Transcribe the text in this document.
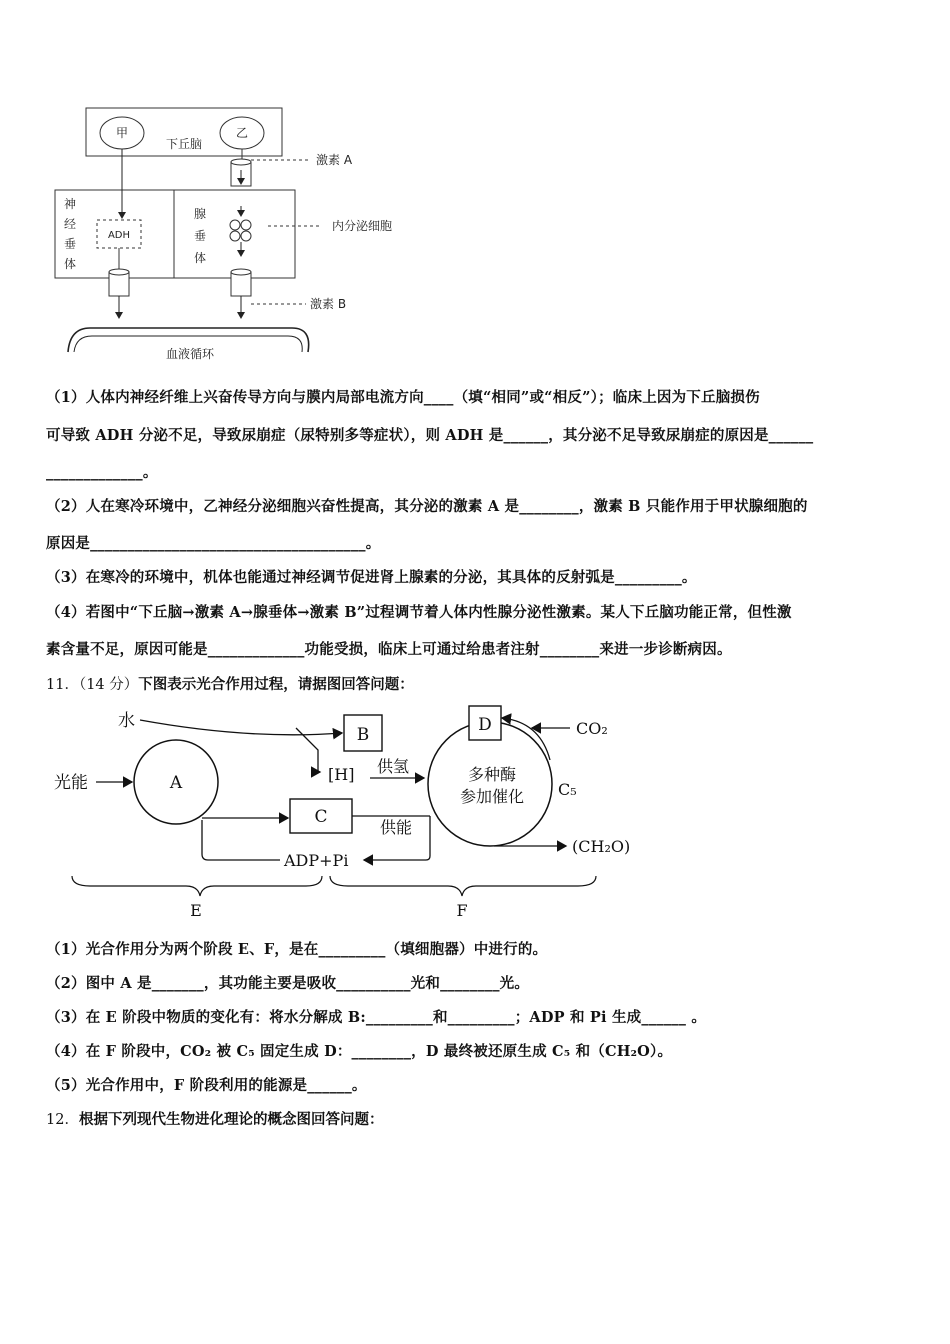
甲	乙
下丘脑
激素 A
神
经
垂
体
ADH
腺
垂
体
内分泌细胞
激素 B
血液循环
（1）人体内神经纤维上兴奋传导方向与膜内局部电流方向____（填“相同”或“相反”）；临床上因为下丘脑损伤
可导致 ADH 分泌不足，导致尿崩症（尿特别多等症状），则 ADH 是______，其分泌不足导致尿崩症的原因是______
_____________。
（2）人在寒冷环境中，乙神经分泌细胞兴奋性提高，其分泌的激素 A 是________，激素 B 只能作用于甲状腺细胞的
原因是_____________________________________。
（3）在寒冷的环境中，机体也能通过神经调节促进肾上腺素的分泌，其具体的反射弧是_________。
（4）若图中“下丘脑→激素 A→腺垂体→激素 B”过程调节着人体内性腺分泌性激素。某人下丘脑功能正常，但性激
素含量不足，原因可能是_____________功能受损，临床上可通过给患者注射________来进一步诊断病因。
11．（14 分）下图表示光合作用过程，请据图回答问题：
水
光能	A
B
[H] 供氢
C
供能
ADP+Pi
多种酶
参加催化
D	CO₂
C₅
(CH₂O)
E	F
（1）光合作用分为两个阶段 E、F，是在_________（填细胞器）中进行的。
（2）图中 A 是_______，其功能主要是吸收__________光和________光。
（3）在 E 阶段中物质的变化有：将水分解成 B:_________和_________；ADP 和 Pi 生成______ 。
（4）在 F 阶段中，CO₂ 被 C₅ 固定生成 D：________，D 最终被还原生成 C₅ 和（CH₂O）。
（5）光合作用中，F 阶段利用的能源是______。
12．根据下列现代生物进化理论的概念图回答问题：
